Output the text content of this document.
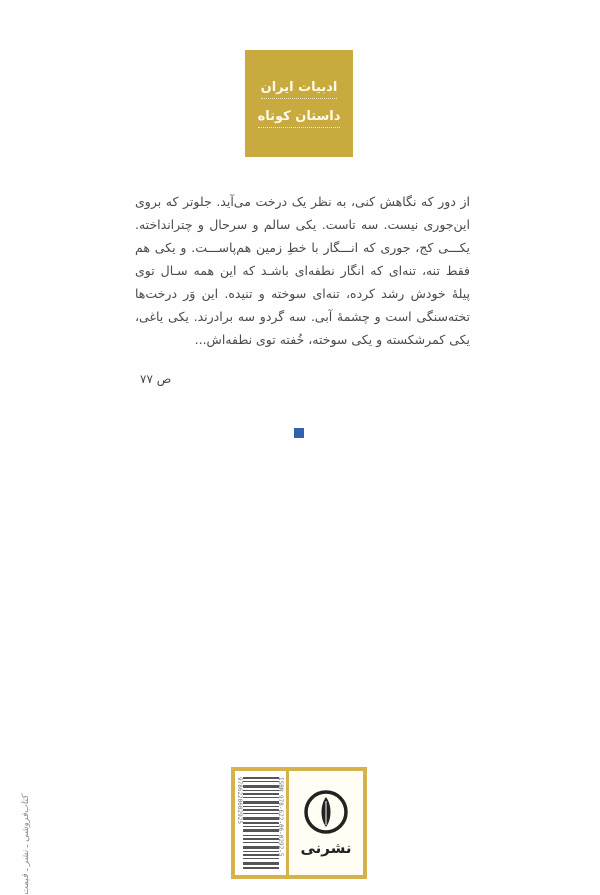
ادبیات ایران
داستان کوتاه
از دور که نگاهش کنی، به نظر یک درخت می‌آید. جلوتر که بروی
این‌جوری نیست. سه تاست. یکی سالم و سرحال و چترانداخته.
یکـــی کج، جوری که انـــگار با خطِ زمین هم‌پاســـت. و یکی هم
فقط تنه، تنه‌ای که انگار نطفه‌ای باشـد که این همه سـال توی
پیلهٔ خودش رشد کرده، تنه‌ای سوخته و تنیده. این وَر درخت‌ها
تخته‌سنگی است و چشمهٔ آبی. سه گردو سه برادرند. یکی یاغی،
یکی کمرشکسته و یکی سوخته، خُفته توی نطفه‌اش...
ص ۷۷
9786220602925	ISBN 978-622-06-0292-5 نشرنی
کتاب‌فروشی ـ نشر ـ قیمت
